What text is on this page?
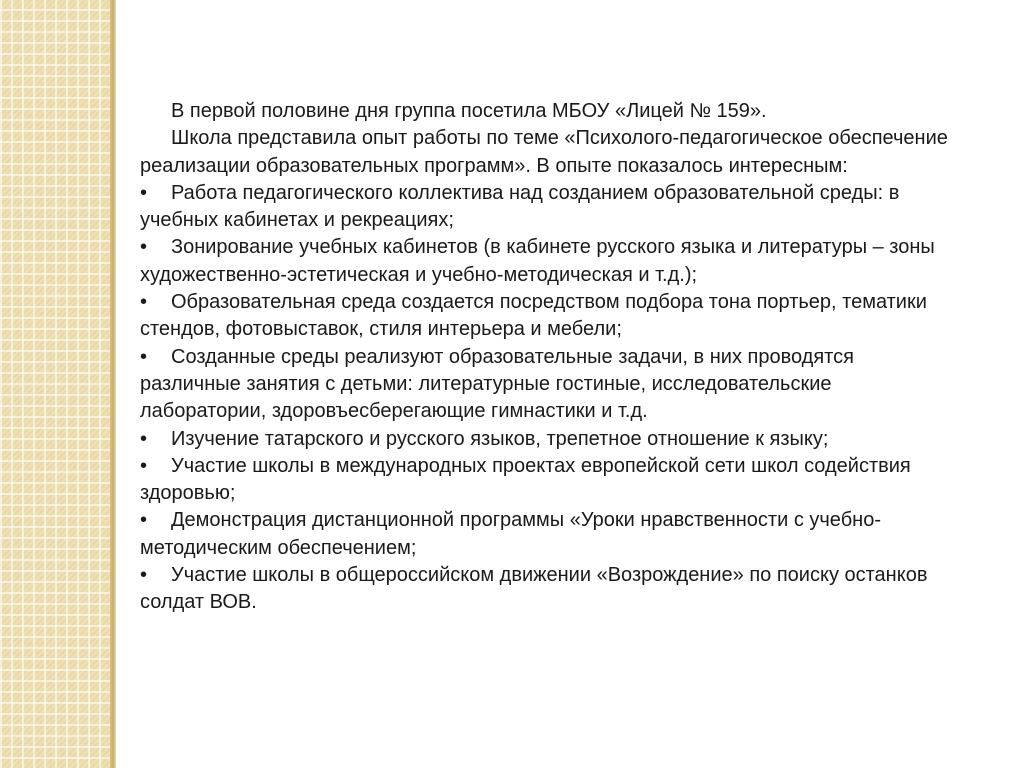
В первой половине дня группа посетила МБОУ «Лицей № 159».

Школа представила опыт работы по теме «Психолого-педагогическое обеспечение реализации образовательных программ». В опыте показалось интересным:

• Работа педагогического коллектива над созданием образовательной среды: в учебных кабинетах и рекреациях;

• Зонирование учебных кабинетов (в кабинете русского языка и литературы – зоны художественно-эстетическая и учебно-методическая и т.д.);

• Образовательная среда создается посредством подбора тона портьер, тематики стендов, фотовыставок, стиля интерьера и мебели;

• Созданные среды реализуют образовательные задачи, в них проводятся различные занятия с детьми: литературные гостиные, исследовательские лаборатории, здоровъесберегающие гимнастики и т.д.

• Изучение татарского и русского языков, трепетное отношение к языку;

• Участие школы в международных проектах европейской сети школ содействия здоровью;

• Демонстрация дистанционной программы «Уроки нравственности с учебно-методическим обеспечением;

• Участие школы в общероссийском движении «Возрождение» по поиску останков солдат ВОВ.
